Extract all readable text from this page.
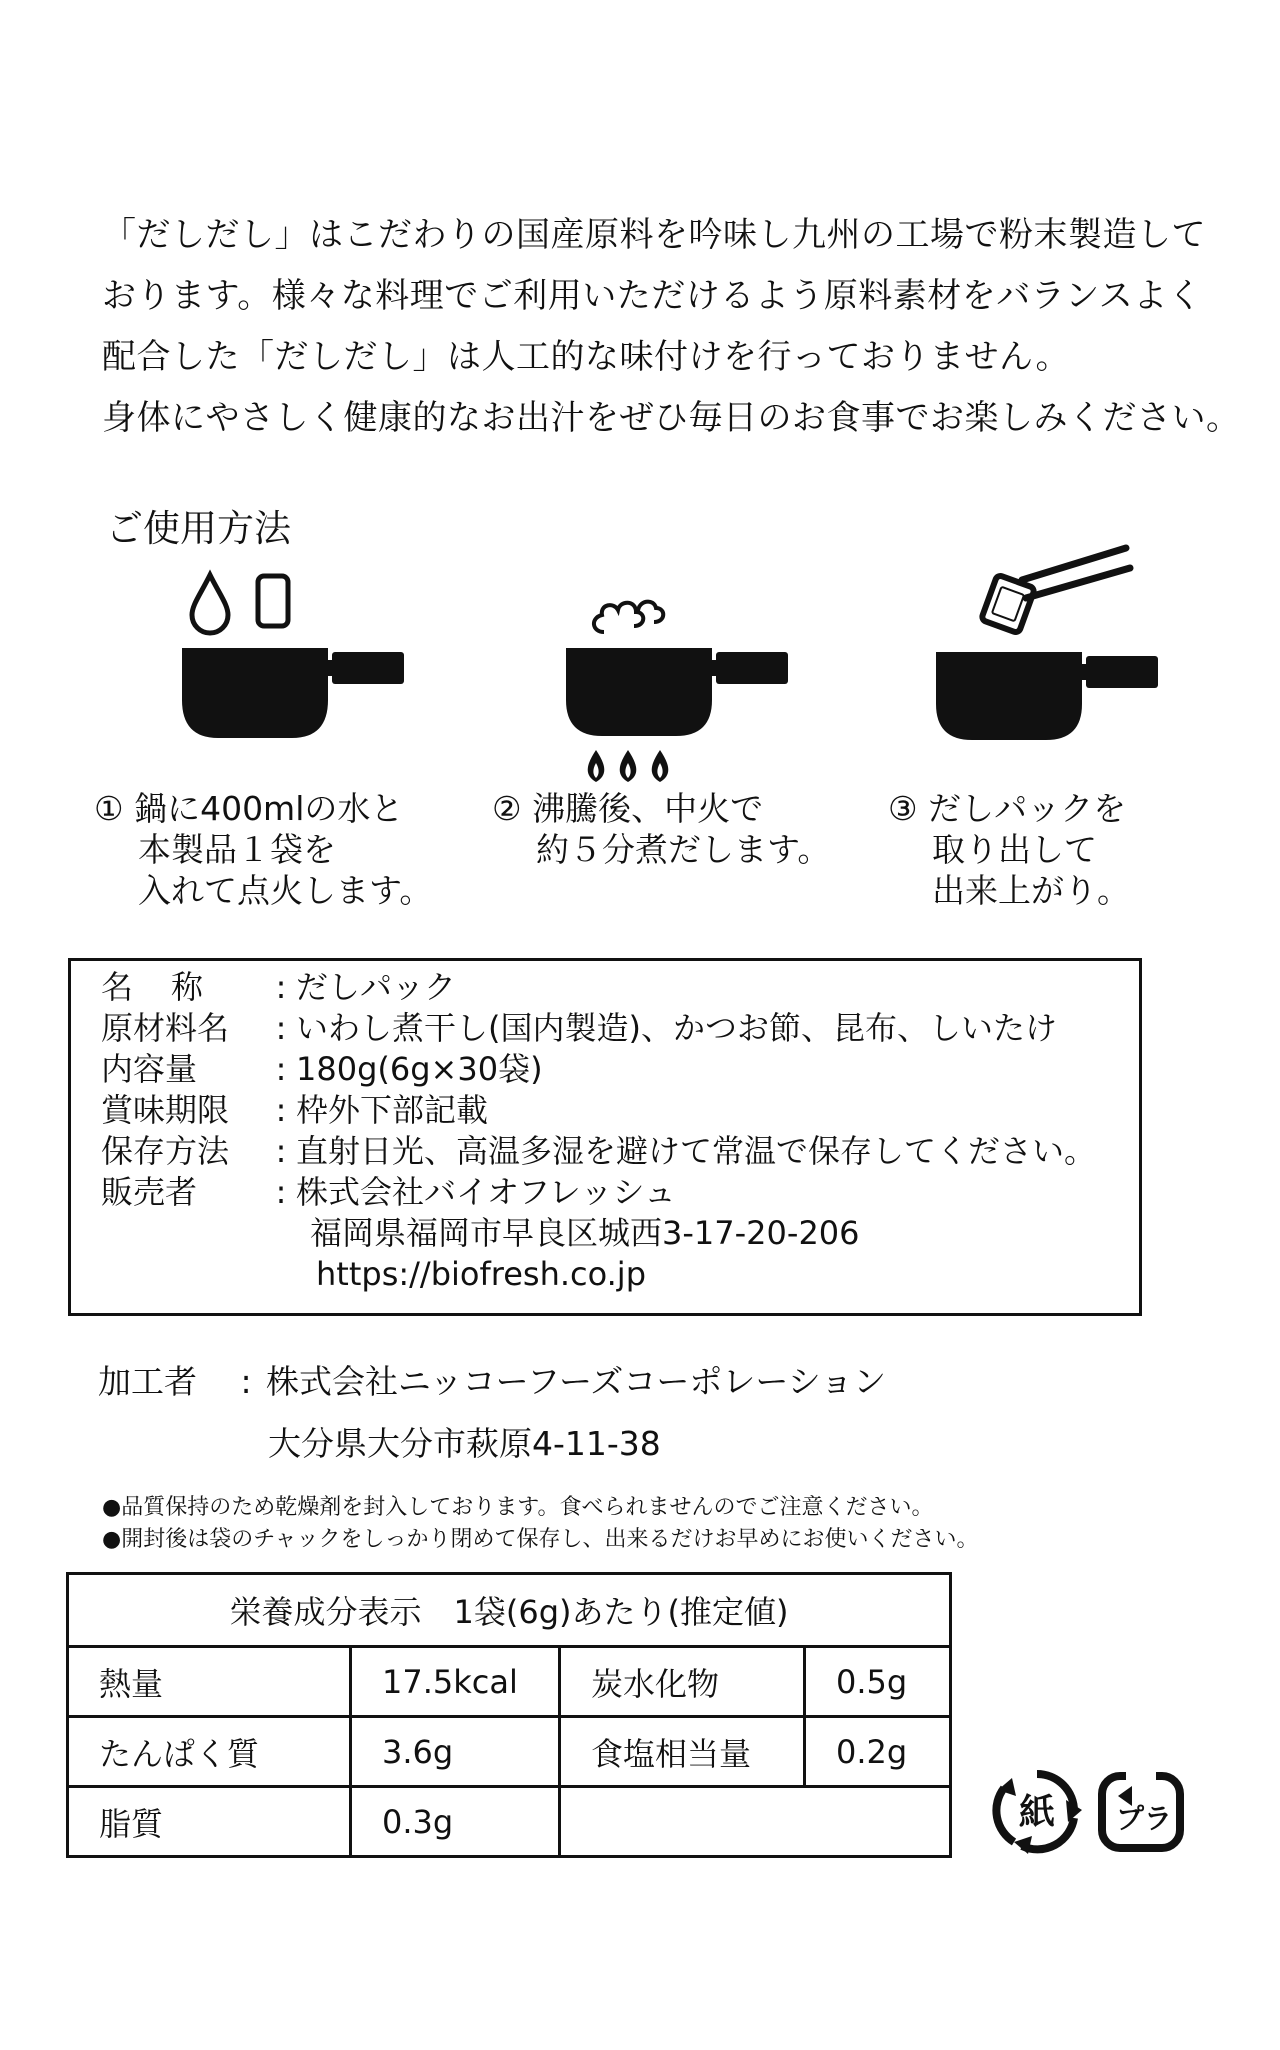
「だしだし」はこだわりの国産原料を吟味し九州の工場で粉末製造して

おります。様々な料理でご利用いただけるよう原料素材をバランスよく

配合した「だしだし」は人工的な味付けを行っておりません。

身体にやさしく健康的なお出汁をぜひ毎日のお食事でお楽しみください。

ご使用方法
① 鍋に400mlの水と
本製品１袋を
入れて点火します。
② 沸騰後、中火で
約５分煮だします。
③ だしパックを
取り出して
出来上がり。
名称	: だしパック
原材料名	: いわし煮干し(国内製造)、かつお節、昆布、しいたけ
内容量	: 180g(6g×30袋)
賞味期限	: 枠外下部記載
保存方法	: 直射日光、高温多湿を避けて常温で保存してください。
販売者	: 株式会社バイオフレッシュ
福岡県福岡市早良区城西3-17-20-206
https://biofresh.co.jp
加工者 : 株式会社ニッコーフーズコーポレーション
大分県大分市萩原4-11-38
●品質保持のため乾燥剤を封入しております。食べられませんのでご注意ください。
●開封後は袋のチャックをしっかり閉めて保存し、出来るだけお早めにお使いください。
栄養成分表示　1袋(6g)あたり(推定値)			
熱量	17.5kcal	炭水化物	0.5g
たんぱく質	3.6g	食塩相当量	0.2g
脂質	0.3g			紙 プラ
